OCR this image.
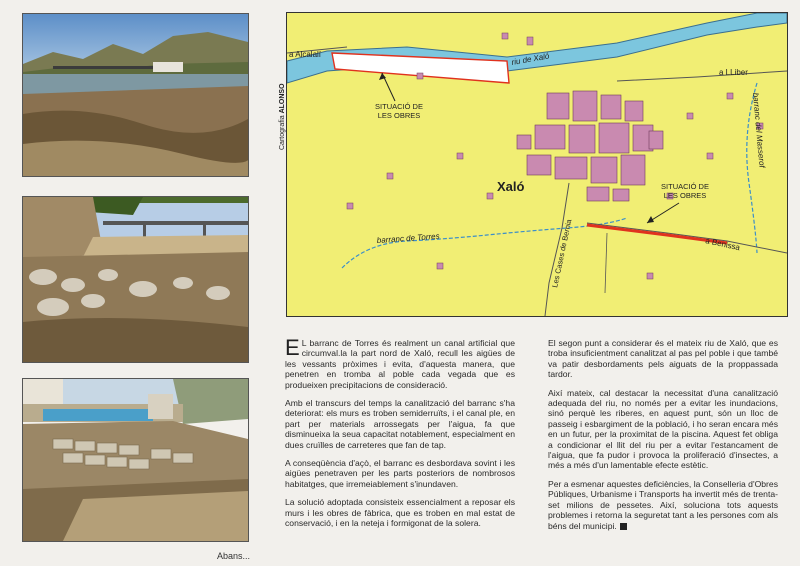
Abans...
Cartografia ALONSO
a Alcalalí	riu de Xaló
a LLiber
a Benissa
Les Cases de Bernia
barranc de Torres
barranc del Masserof
Xaló
SITUACIÓ DE
LES OBRES
SITUACIÓ DE
LES OBRES

E L barranc de Torres és realment un canal artificial que circumval.la la part nord de Xaló, recull les aigües de les vessants pròximes i evita, d'aquesta manera, que penetren en tromba al poble cada vegada que es produeixen precipitacions de consideració.

Amb el transcurs del temps la canalització del barranc s'ha deteriorat: els murs es troben semiderruïts, i el canal ple, en part per materials arrossegats per l'aigua, fa que disminueixa la seua capacitat notablement, especialment en dues cruïlles de carreteres que fan de tap.

A conseqüència d'açò, el barranc es desbordava sovint i les aigües penetraven per les parts posteriors de nombrosos habitatges, que irremeiablement s'inundaven.

La solució adoptada consisteix essencialment a reposar els murs i les obres de fàbrica, que es troben en mal estat de conservació, i en la neteja i formigonat de la solera.

El segon punt a considerar és el mateix riu de Xaló, que es troba insuficientment canalitzat al pas pel poble i que també va patir desbordaments pels aiguats de la proppassada tardor.

Així mateix, cal destacar la necessitat d'una canalització adequada del riu, no només per a evitar les inundacions, sinó perquè les riberes, en aquest punt, són un lloc de passeig i esbargiment de la població, i ho seran encara més en un futur, per la proximitat de la piscina. Aquest fet obliga a condicionar el llit del riu per a evitar l'estancament de l'aigua, que fa pudor i provoca la proliferació d'insectes, a més a més d'un lamentable efecte estètic.

Per a esmenar aquestes deficiències, la Conselleria d'Obres Públiques, Urbanisme i Transports ha invertit més de trenta-set milions de pessetes. Així, soluciona tots aquests problemes i retorna la seguretat tant a les persones com als béns del municipi.
